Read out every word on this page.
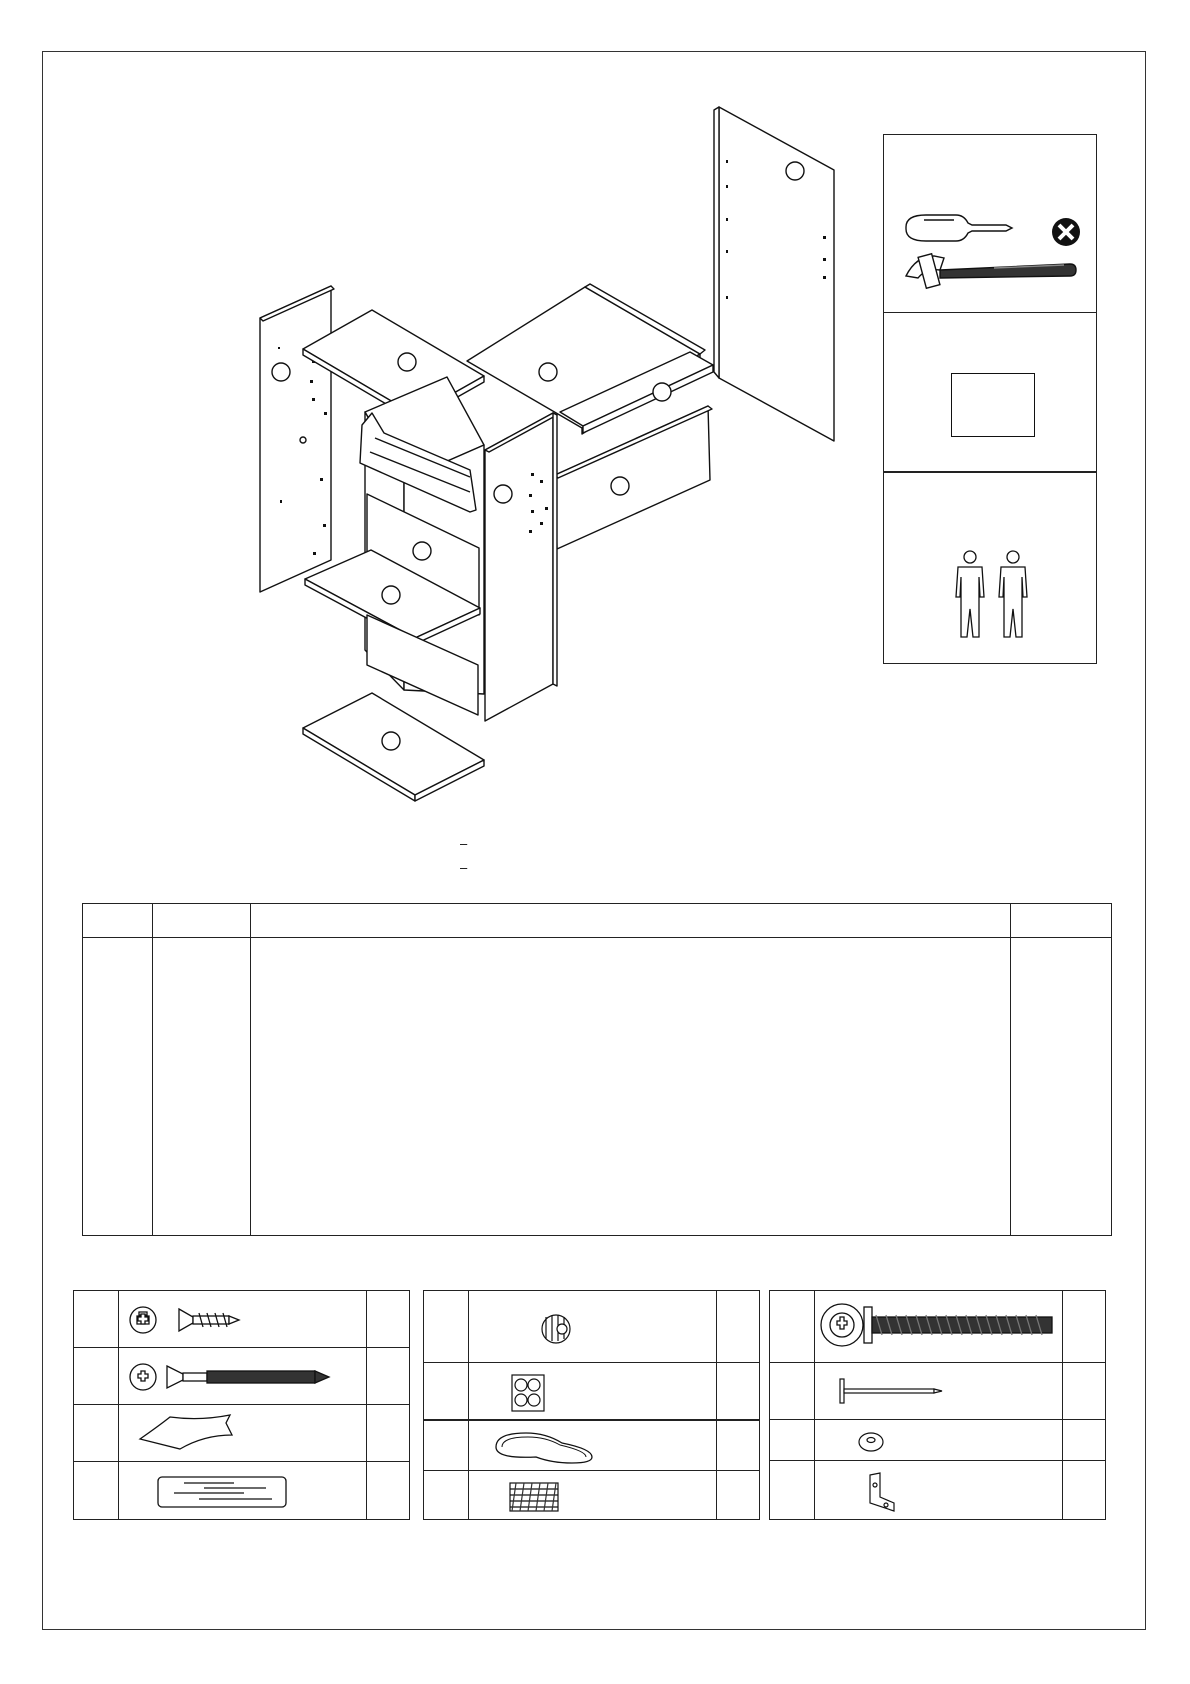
–
–
